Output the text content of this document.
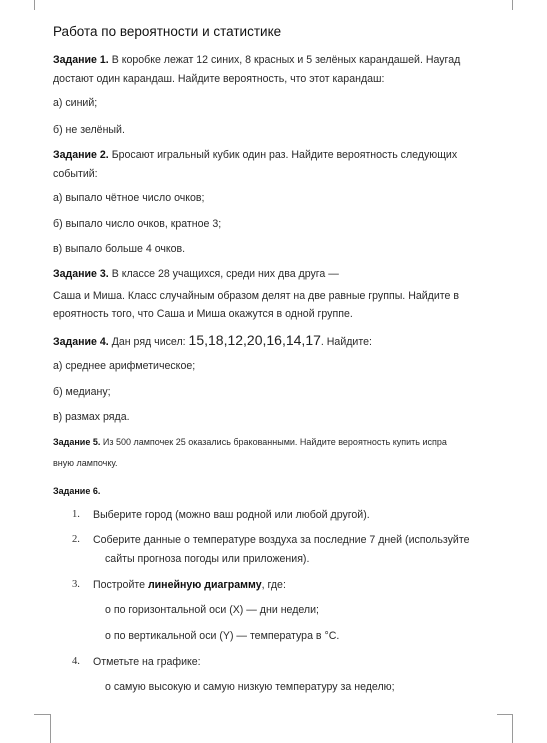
Работа по вероятности и статистике
Задание 1. В коробке лежат 12 синих, 8 красных и 5 зелёных карандашей. Наугад
достают один карандаш. Найдите вероятность, что этот карандаш:
а) синий;
б) не зелёный.
Задание 2. Бросают игральный кубик один раз. Найдите вероятность следующих
событий:
а) выпало чётное число очков;
б) выпало число очков, кратное 3;
в) выпало больше 4 очков.
Задание 3. В классе 28 учащихся, среди них два друга —
Саша и Миша. Класс случайным образом делят на две равные группы. Найдите в
ероятность того, что Саша и Миша окажутся в одной группе.
Задание 4. Дан ряд чисел: 15,18,12,20,16,14,17. Найдите:
а) среднее арифметическое;
б) медиану;
в) размах ряда.
Задание 5. Из 500 лампочек 25 оказались бракованными. Найдите вероятность купить испра
вную лампочку.
Задание 6.
1. Выберите город (можно ваш родной или любой другой).
2. Соберите данные о температуре воздуха за последние 7 дней (используйте
сайты прогноза погоды или приложения).
3. Постройте линейную диаграмму, где:
о по горизонтальной оси (X) — дни недели;
о по вертикальной оси (Y) — температура в °C.
4. Отметьте на графике:
о самую высокую и самую низкую температуру за неделю;
